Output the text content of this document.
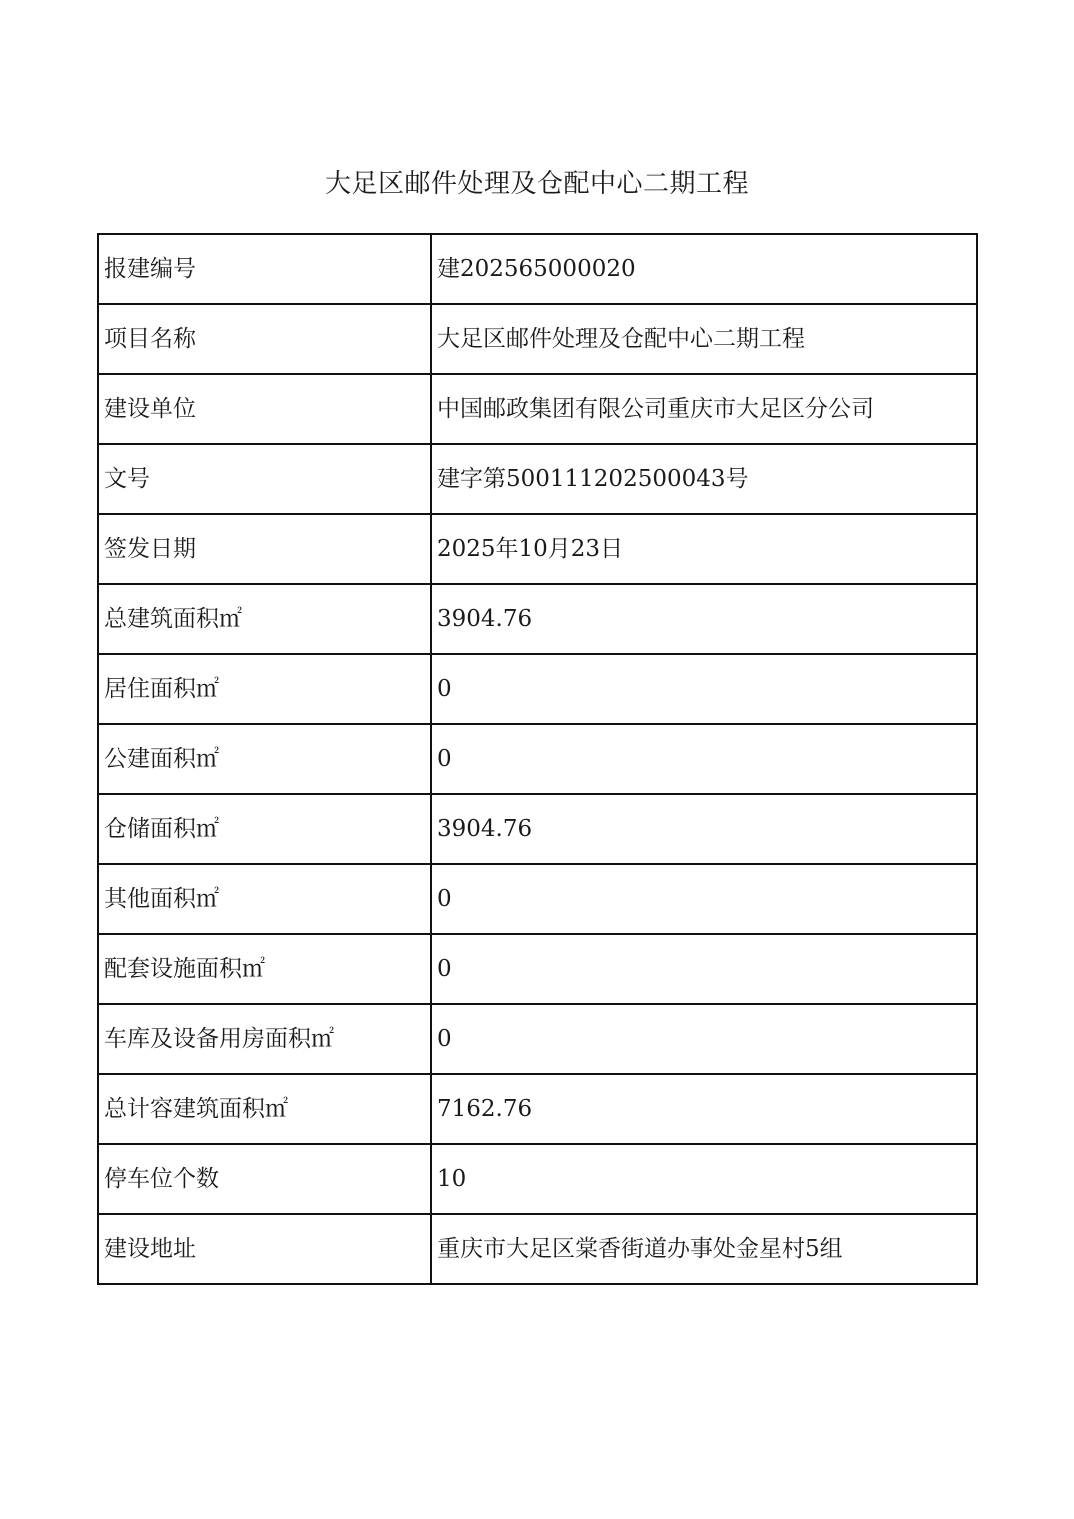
大足区邮件处理及仓配中心二期工程
报建编号	建202565000020
项目名称	大足区邮件处理及仓配中心二期工程
建设单位	中国邮政集团有限公司重庆市大足区分公司
文号	建字第500111202500043号
签发日期	2025年10月23日
总建筑面积㎡	3904.76
居住面积㎡	0
公建面积㎡	0
仓储面积㎡	3904.76
其他面积㎡	0
配套设施面积㎡	0
车库及设备用房面积㎡	0
总计容建筑面积㎡	7162.76
停车位个数	10
建设地址	重庆市大足区棠香街道办事处金星村5组
